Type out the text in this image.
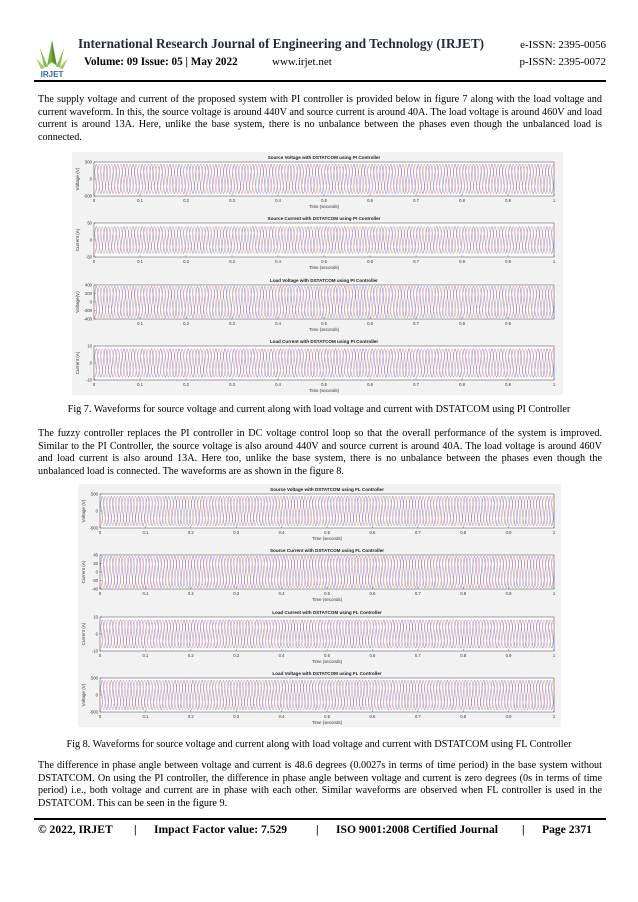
IRJET
International Research Journal of Engineering and Technology (IRJET)	e-ISSN: 2395-0056
Volume: 09 Issue: 05 | May 2022	www.irjet.net	p-ISSN: 2395-0072

The supply voltage and current of the proposed system with PI controller is provided below in figure 7 along with the load voltage and current waveform. In this, the source voltage is around 440V and source current is around 40A. The load voltage is around 460V and load current is around 13A. Here, unlike the base system, there is no unbalance between the phases even though the unbalanced load is connected.

Source Voltage with DSTATCOM using PI Controller
0	0.1	0.2	0.3	0.4	0.5	0.6	0.7	0.8	0.9	1
500
0
-500
Time (seconds)
Voltage (V)
Source Current with DSTATCOM using PI Controller
0	0.1	0.2	0.3	0.4	0.5	0.6	0.7	0.8	0.9	1
50
0
-50
Time (seconds)
Current (A)
Load Voltage with DSTATCOM using PI Controller
0.1	0.2	0.3	0.4	0.5	0.6	0.7	0.8	0.9
400
200
0
-200
-400
Time (seconds)
Voltage(V)
Load Current with DSTATCOM using PI Controller
0	0.1	0.2	0.3	0.4	0.5	0.6	0.7	0.8	0.9	1
10
0
-10
Time (seconds)
Current (A)
Fig 7. Waveforms for source voltage and current along with load voltage and current with DSTATCOM using PI Controller

The fuzzy controller replaces the PI controller in DC voltage control loop so that the overall performance of the system is improved. Similar to the PI Controller, the source voltage is also around 440V and source current is around 40A. The load voltage is around 460V and load current is also around 13A. Here too, unlike the base system, there is no unbalance between the phases even though the unbalanced load is connected. The waveforms are as shown in the figure 8.

Source Voltage with DSTATCOM using FL Controller
0	0.1	0.2	0.3	0.4	0.5	0.6	0.7	0.8	0.9	1
500
0
-500
Time (seconds)
Voltage (V)
Source Current with DSTATCOM using FL Controller
0	0.1	0.2	0.3	0.4	0.5	0.6	0.7	0.8	0.9	1
40
20
0
-20
-40
Time (seconds)
Current (A)
Load Current with DSTATCOM using FL Controller
0	0.1	0.2	0.3	0.4	0.5	0.6	0.7	0.8	0.9	1
10
0
-10
Time (seconds)
Current (A)
Load Voltage with DSTATCOM using FL Controller
0	0.1	0.2	0.3	0.4	0.5	0.6	0.7	0.8	0.9	1
500
0
-500
Time (seconds)
Voltage (V)
Fig 8. Waveforms for source voltage and current along with load voltage and current with DSTATCOM using FL Controller

The difference in phase angle between voltage and current is 48.6 degrees (0.0027s in terms of time period) in the base system without DSTATCOM. On using the PI controller, the difference in phase angle between voltage and current is zero degrees (0s in terms of time period) i.e., both voltage and current are in phase with each other. Similar waveforms are observed when FL controller is used in the DSTATCOM. This can be seen in the figure 9.

© 2022, IRJET | Impact Factor value: 7.529 | ISO 9001:2008 Certified Journal | Page 2371
